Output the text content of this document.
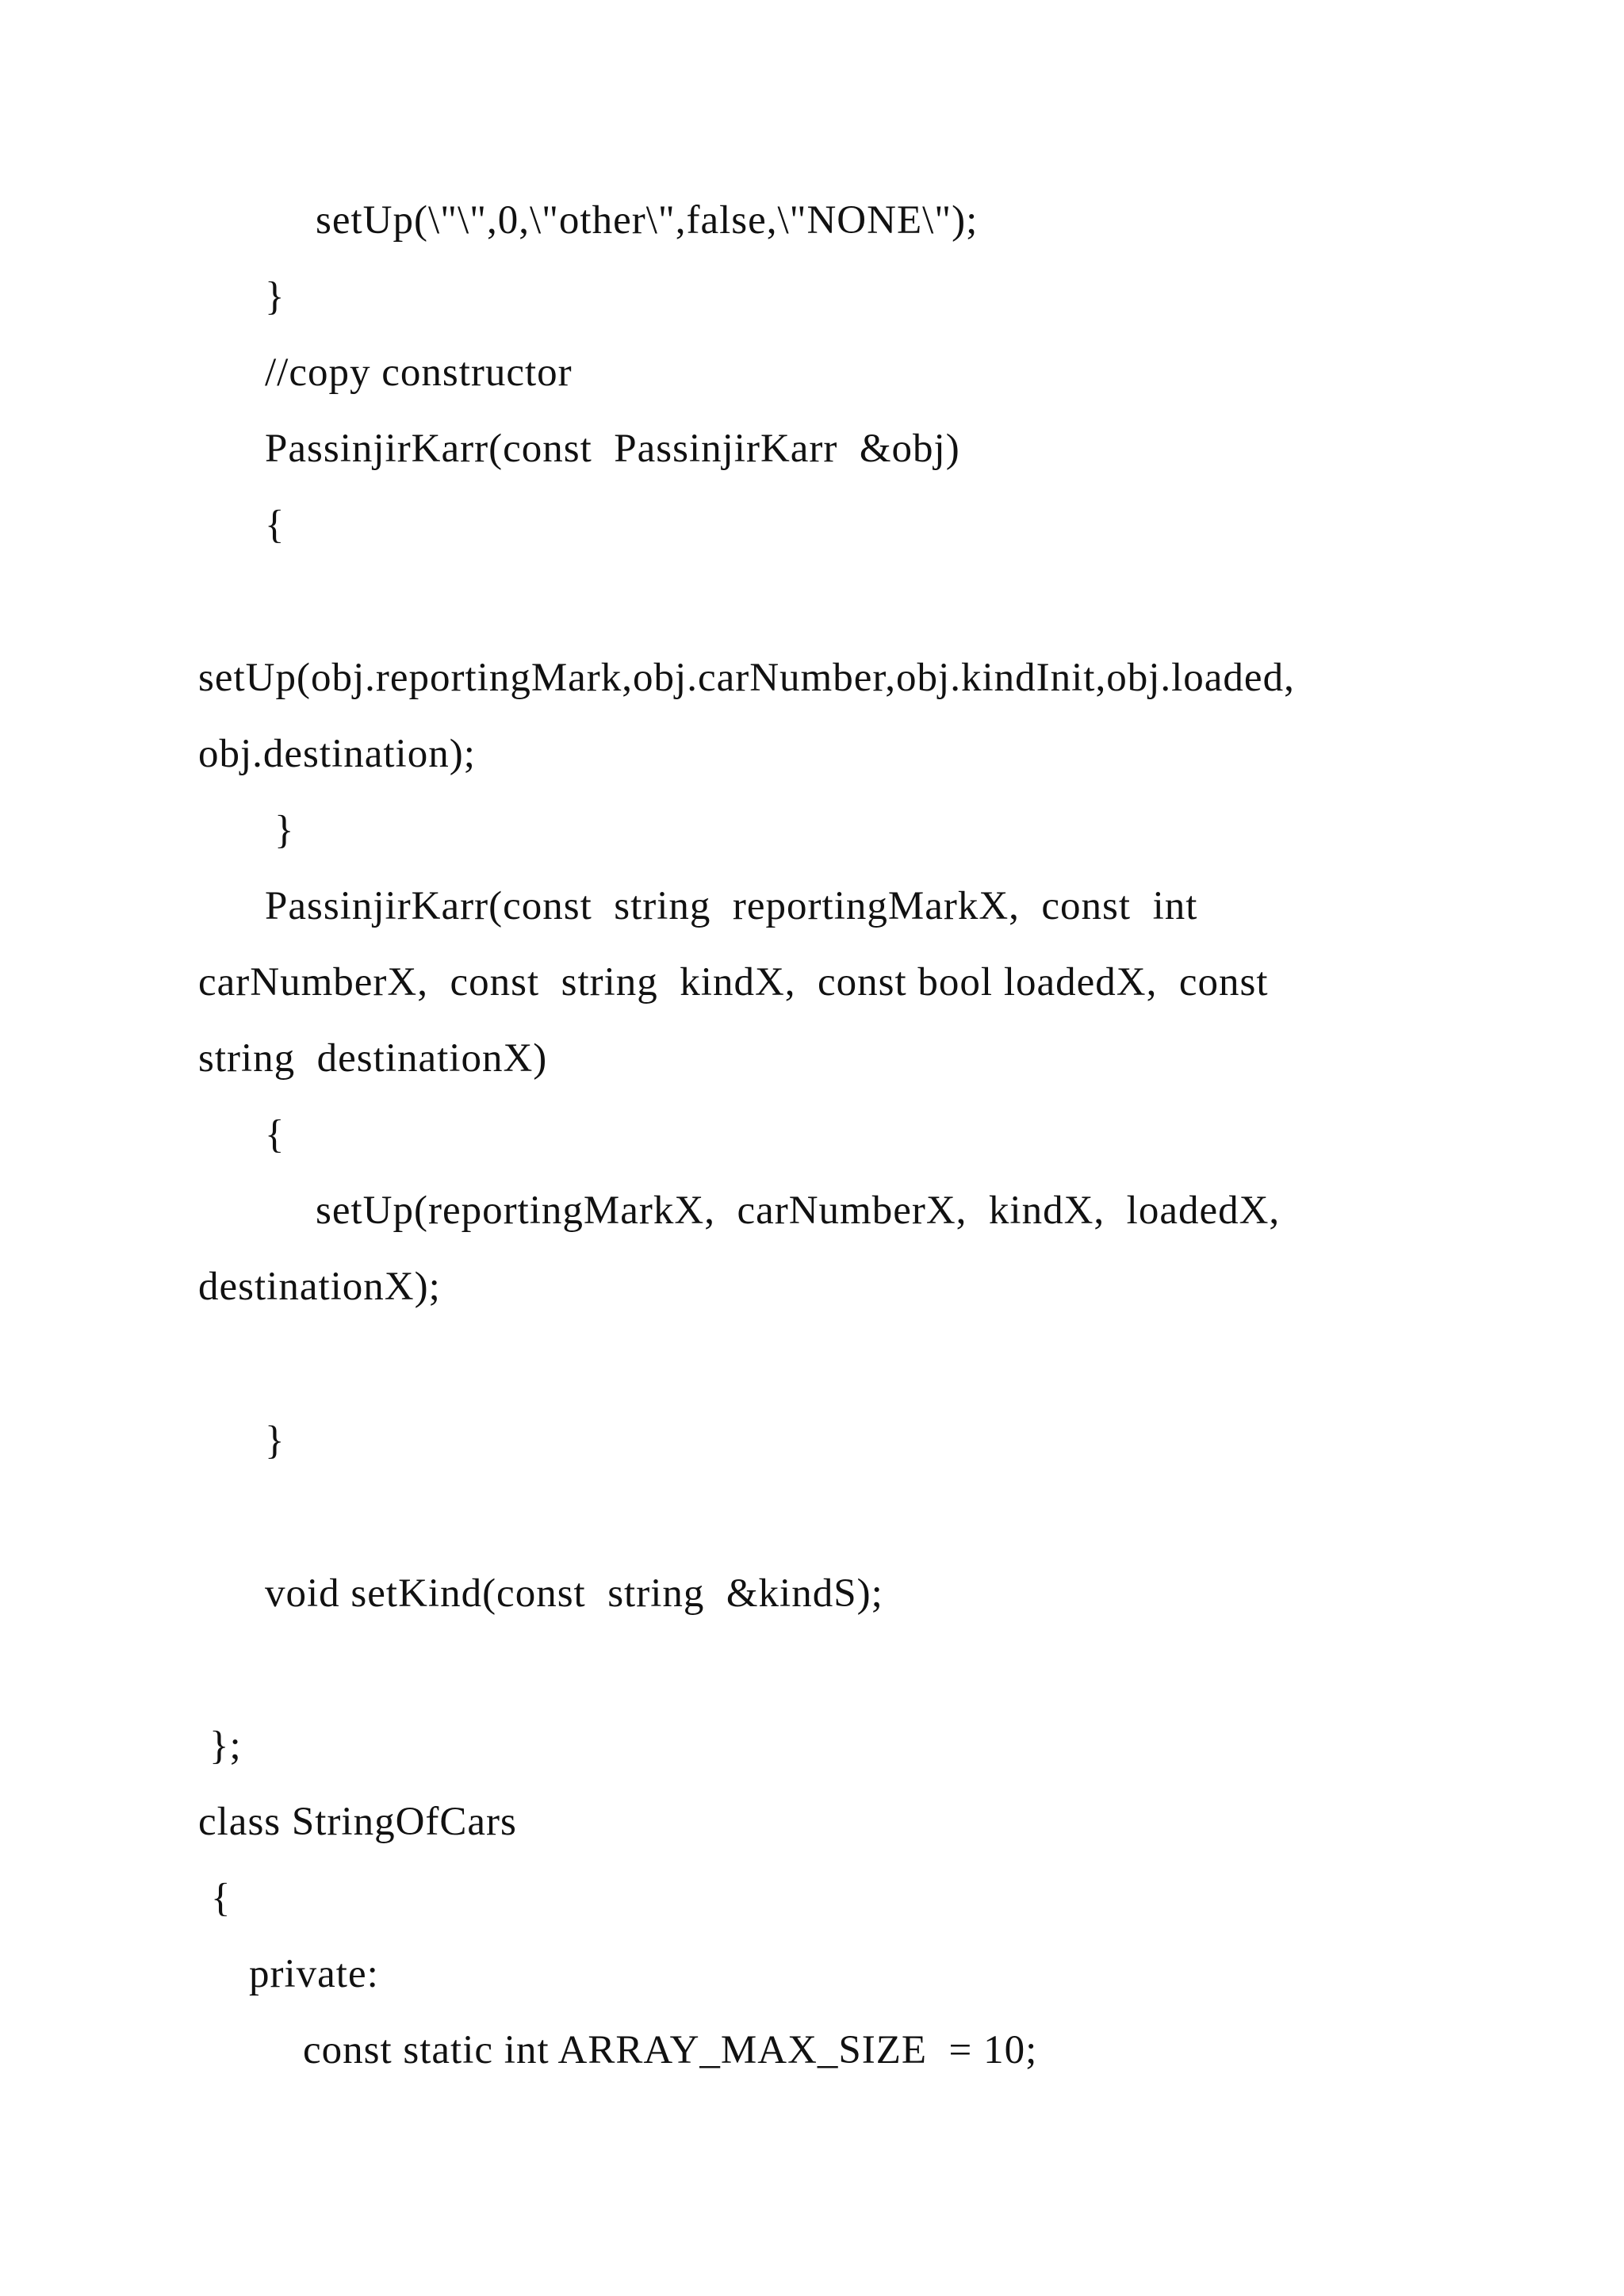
setUp(\"\",0,\"other\",false,\"NONE\");
}
//copy constructor
PassinjirKarr(const  PassinjirKarr  &obj)
{
setUp(obj.reportingMark,obj.carNumber,obj.kindInit,obj.loaded,
obj.destination);
}
PassinjirKarr(const  string  reportingMarkX,  const  int
carNumberX,  const  string  kindX,  const bool loadedX,  const
string  destinationX)
{
setUp(reportingMarkX,  carNumberX,  kindX,  loadedX,
destinationX);
}
void setKind(const  string  &kindS);
};
class StringOfCars
{
private:
const static int ARRAY_MAX_SIZE  = 10;
